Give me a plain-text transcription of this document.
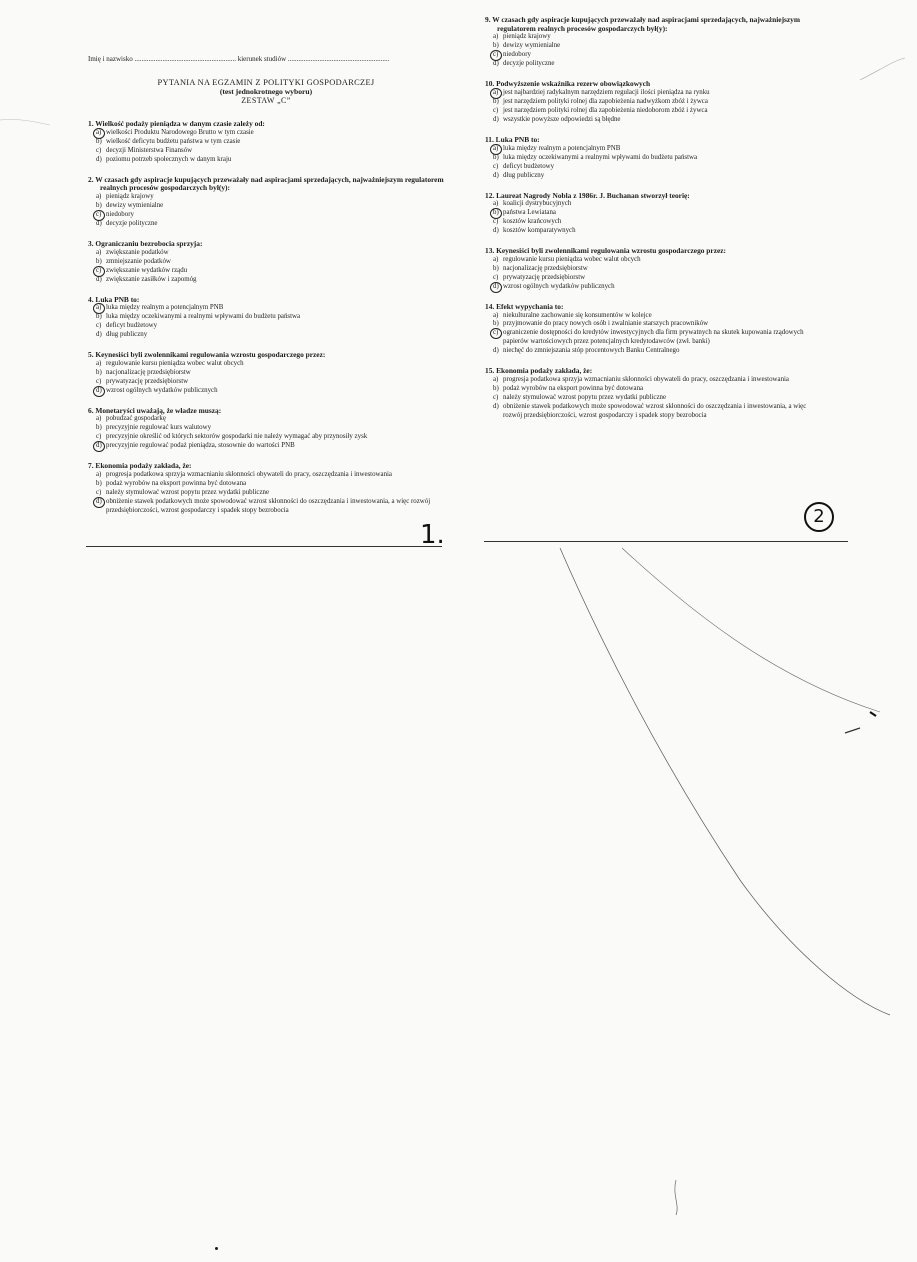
Imię i nazwisko .......................................................... kierunek studiów ..........................................................
PYTANIA NA EGZAMIN Z POLITYKI GOSPODARCZEJ
(test jednokrotnego wyboru)
ZESTAW „C”
1. Wielkość podaży pieniądza w danym czasie zależy od:
a) wielkości Produktu Narodowego Brutto w tym czasie
b) wielkość deficytu budżetu państwa w tym czasie
c) decyzji Ministerstwa Finansów
d) poziomu potrzeb społecznych w danym kraju
2. W czasach gdy aspiracje kupujących przeważały nad aspiracjami sprzedających, najważniejszym regulatorem realnych procesów gospodarczych był(y):
a) pieniądz krajowy
b) dewizy wymienialne
c) niedobory
d) decyzje polityczne
3. Ograniczaniu bezrobocia sprzyja:
a) zwiększanie podatków
b) zmniejszanie podatków
c) zwiększanie wydatków rządu
d) zwiększanie zasiłków i zapomóg
4. Luka PNB to:
a) luka między realnym a potencjalnym PNB
b) luka między oczekiwanymi a realnymi wpływami do budżetu państwa
c) deficyt budżetowy
d) dług publiczny
5. Keynesiści byli zwolennikami regulowania wzrostu gospodarczego przez:
a) regulowanie kursu pieniądza wobec walut obcych
b) nacjonalizację przedsiębiorstw
c) prywatyzację przedsiębiorstw
d) wzrost ogólnych wydatków publicznych
6. Monetaryści uważają, że władze muszą:
a) pobudzać gospodarkę
b) precyzyjnie regulować kurs walutowy
c) precyzyjnie określić od których sektorów gospodarki nie należy wymagać aby przynosiły zysk
d) precyzyjnie regulować podaż pieniądza, stosownie do wartości PNB
7. Ekonomia podaży zakłada, że:
a) progresja podatkowa sprzyja wzmacnianiu skłonności obywateli do pracy, oszczędzania i inwestowania
b) podaż wyrobów na eksport powinna być dotowana
c) należy stymulować wzrost popytu przez wydatki publiczne
d) obniżenie stawek podatkowych może spowodować wzrost skłonności do oszczędzania i inwestowania, a więc rozwój przedsiębiorczości, wzrost gospodarczy i spadek stopy bezrobocia
9. W czasach gdy aspiracje kupujących przeważały nad aspiracjami sprzedających, najważniejszym regulatorem realnych procesów gospodarczych był(y):
a) pieniądz krajowy
b) dewizy wymienialne
c) niedobory
d) decyzje polityczne
10. Podwyższenie wskaźnika rezerw obowiązkowych
a) jest najbardziej radykalnym narzędziem regulacji ilości pieniądza na rynku
b) jest narzędziem polityki rolnej dla zapobieżenia nadwyżkom zbóż i żywca
c) jest narzędziem polityki rolnej dla zapobieżenia niedoborom zbóż i żywca
d) wszystkie powyższe odpowiedzi są błędne
11. Luka PNB to:
a) luka między realnym a potencjalnym PNB
b) luka między oczekiwanymi a realnymi wpływami do budżetu państwa
c) deficyt budżetowy
d) dług publiczny
12. Laureat Nagrody Nobla z 1986r. J. Buchanan stworzył teorię:
a) koalicji dystrybucyjnych
b) państwa Lewiatana
c) kosztów krańcowych
d) kosztów komparatywnych
13. Keynesiści byli zwolennikami regulowania wzrostu gospodarczego przez:
a) regulowanie kursu pieniądza wobec walut obcych
b) nacjonalizację przedsiębiorstw
c) prywatyzację przedsiębiorstw
d) wzrost ogólnych wydatków publicznych
14. Efekt wypychania to:
a) niekulturalne zachowanie się konsumentów w kolejce
b) przyjmowanie do pracy nowych osób i zwalnianie starszych pracowników
c) ograniczenie dostępności do kredytów inwestycyjnych dla firm prywatnych na skutek kupowania rządowych papierów wartościowych przez potencjalnych kredytodawców (zwł. banki)
d) niechęć do zmniejszania stóp procentowych Banku Centralnego
15. Ekonomia podaży zakłada, że:
a) progresja podatkowa sprzyja wzmacnianiu skłonności obywateli do pracy, oszczędzania i inwestowania
b) podaż wyrobów na eksport powinna być dotowana
c) należy stymulować wzrost popytu przez wydatki publiczne
d) obniżenie stawek podatkowych może spowodować wzrost skłonności do oszczędzania i inwestowania, a więc rozwój przedsiębiorczości, wzrost gospodarczy i spadek stopy bezrobocia
1.
2
